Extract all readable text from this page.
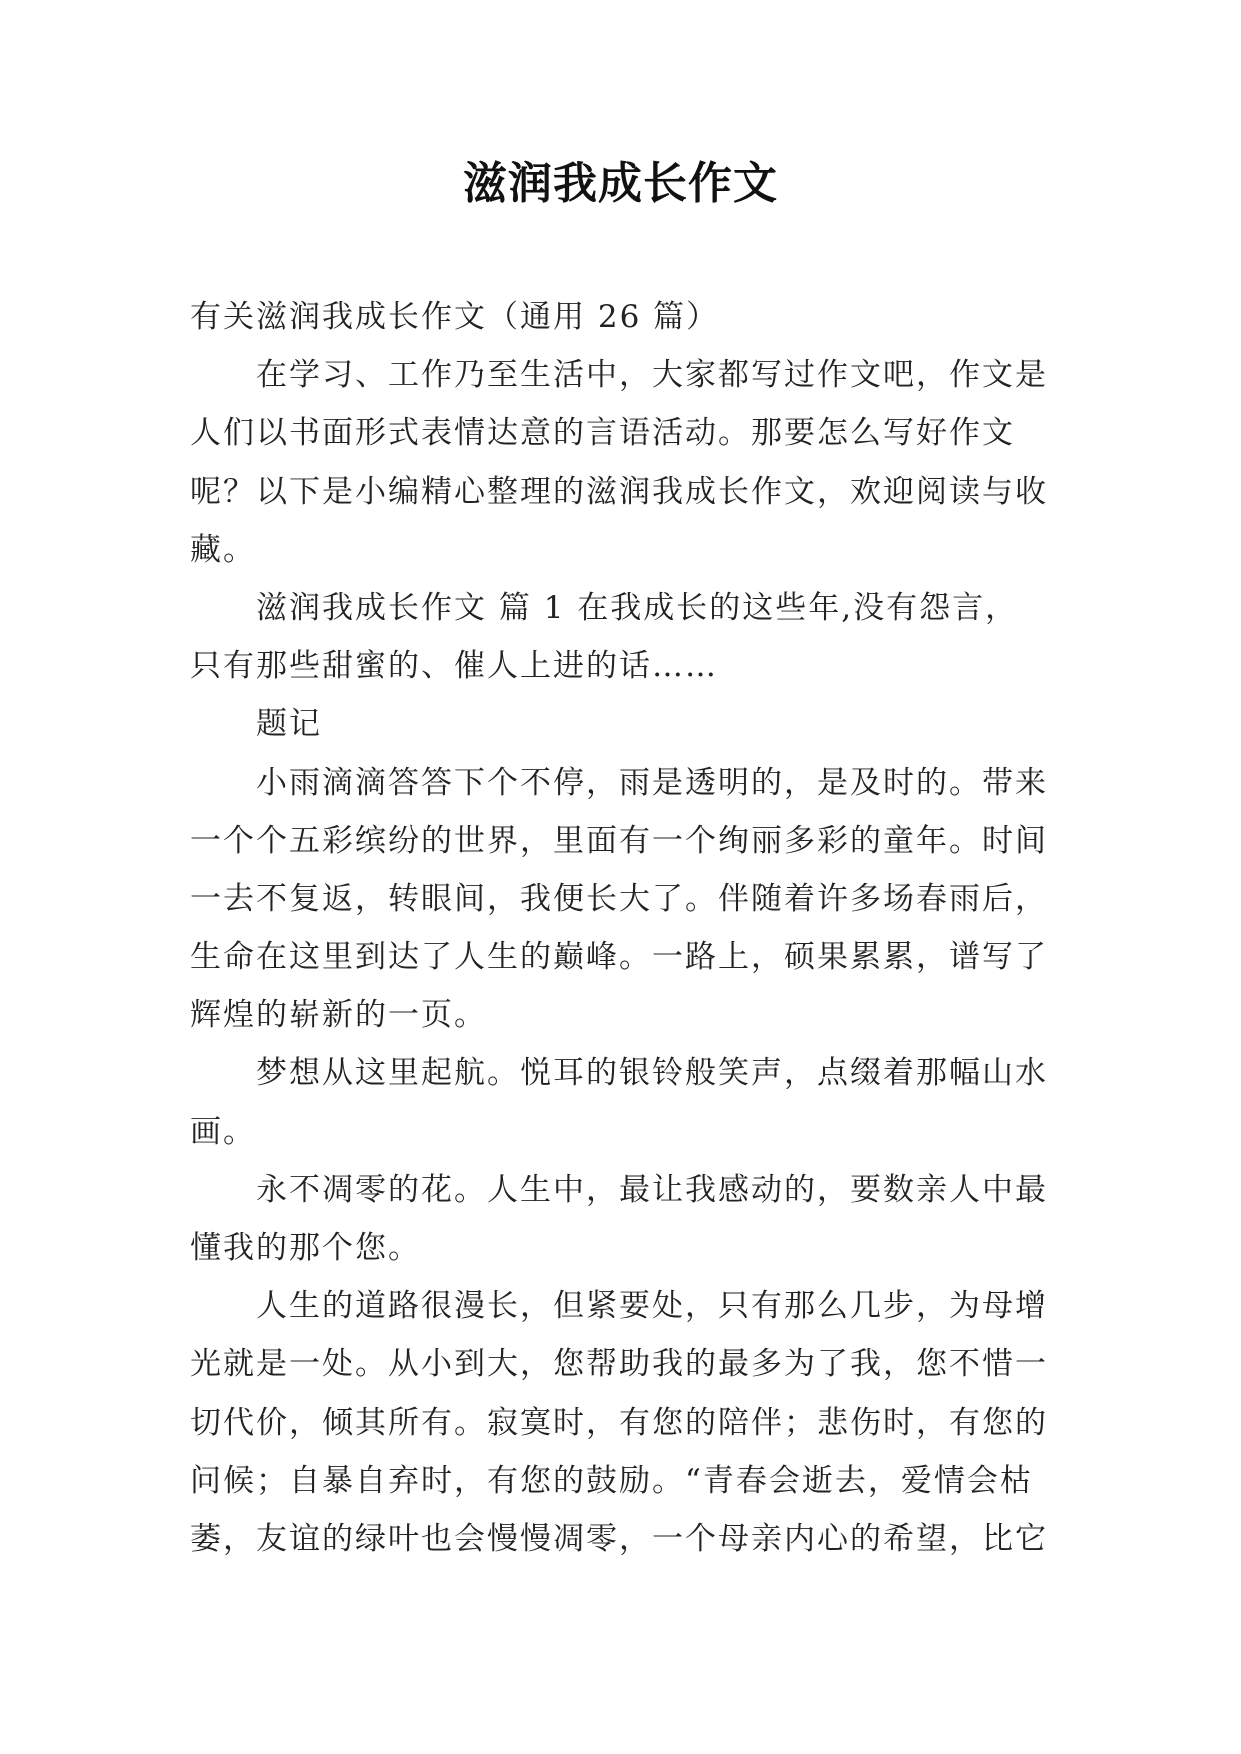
滋润我成长作文
有关滋润我成长作文（通用 26 篇）
在学习、工作乃至生活中，大家都写过作文吧，作文是
人们以书面形式表情达意的言语活动。那要怎么写好作文
呢？以下是小编精心整理的滋润我成长作文，欢迎阅读与收
藏。
滋润我成长作文 篇 1 在我成长的这些年,没有怨言，
只有那些甜蜜的、催人上进的话……
题记
小雨滴滴答答下个不停，雨是透明的，是及时的。带来
一个个五彩缤纷的世界，里面有一个绚丽多彩的童年。时间
一去不复返，转眼间，我便长大了。伴随着许多场春雨后，
生命在这里到达了人生的巅峰。一路上，硕果累累，谱写了
辉煌的崭新的一页。
梦想从这里起航。悦耳的银铃般笑声，点缀着那幅山水
画。
永不凋零的花。人生中，最让我感动的，要数亲人中最
懂我的那个您。
人生的道路很漫长，但紧要处，只有那么几步，为母增
光就是一处。从小到大，您帮助我的最多为了我，您不惜一
切代价，倾其所有。寂寞时，有您的陪伴；悲伤时，有您的
问候；自暴自弃时，有您的鼓励。“青春会逝去，爱情会枯
萎，友谊的绿叶也会慢慢凋零，一个母亲内心的希望，比它
